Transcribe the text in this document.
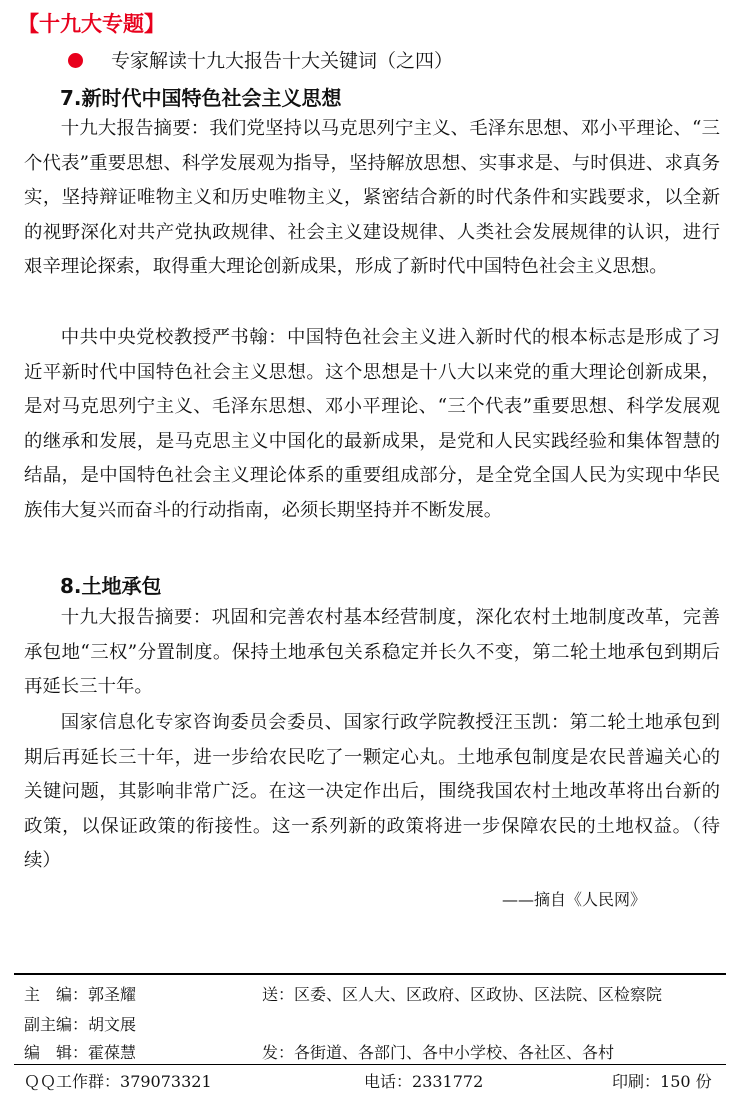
【十九大专题】
专家解读十九大报告十大关键词（之四）
7.新时代中国特色社会主义思想

十九大报告摘要：我们党坚持以马克思列宁主义、毛泽东思想、邓小平理论、“三个代表”重要思想、科学发展观为指导，坚持解放思想、实事求是、与时俱进、求真务实，坚持辩证唯物主义和历史唯物主义，紧密结合新的时代条件和实践要求，以全新的视野深化对共产党执政规律、社会主义建设规律、人类社会发展规律的认识，进行艰辛理论探索，取得重大理论创新成果，形成了新时代中国特色社会主义思想。

中共中央党校教授严书翰：中国特色社会主义进入新时代的根本标志是形成了习近平新时代中国特色社会主义思想。这个思想是十八大以来党的重大理论创新成果，是对马克思列宁主义、毛泽东思想、邓小平理论、“三个代表”重要思想、科学发展观的继承和发展，是马克思主义中国化的最新成果，是党和人民实践经验和集体智慧的结晶，是中国特色社会主义理论体系的重要组成部分，是全党全国人民为实现中华民族伟大复兴而奋斗的行动指南，必须长期坚持并不断发展。

8.土地承包

十九大报告摘要：巩固和完善农村基本经营制度，深化农村土地制度改革，完善承包地“三权”分置制度。保持土地承包关系稳定并长久不变，第二轮土地承包到期后再延长三十年。

国家信息化专家咨询委员会委员、国家行政学院教授汪玉凯：第二轮土地承包到期后再延长三十年，进一步给农民吃了一颗定心丸。土地承包制度是农民普遍关心的关键问题，其影响非常广泛。在这一决定作出后，围绕我国农村土地改革将出台新的政策，以保证政策的衔接性。这一系列新的政策将进一步保障农民的土地权益。（待续）

——摘自《人民网》
主　编：郭圣耀	送：区委、区人大、区政府、区政协、区法院、区检察院
副主编：胡文展
编　辑：霍葆慧	发：各街道、各部门、各中小学校、各社区、各村
ＱＱ工作群：379073321	电话：2331772	印刷：150 份
